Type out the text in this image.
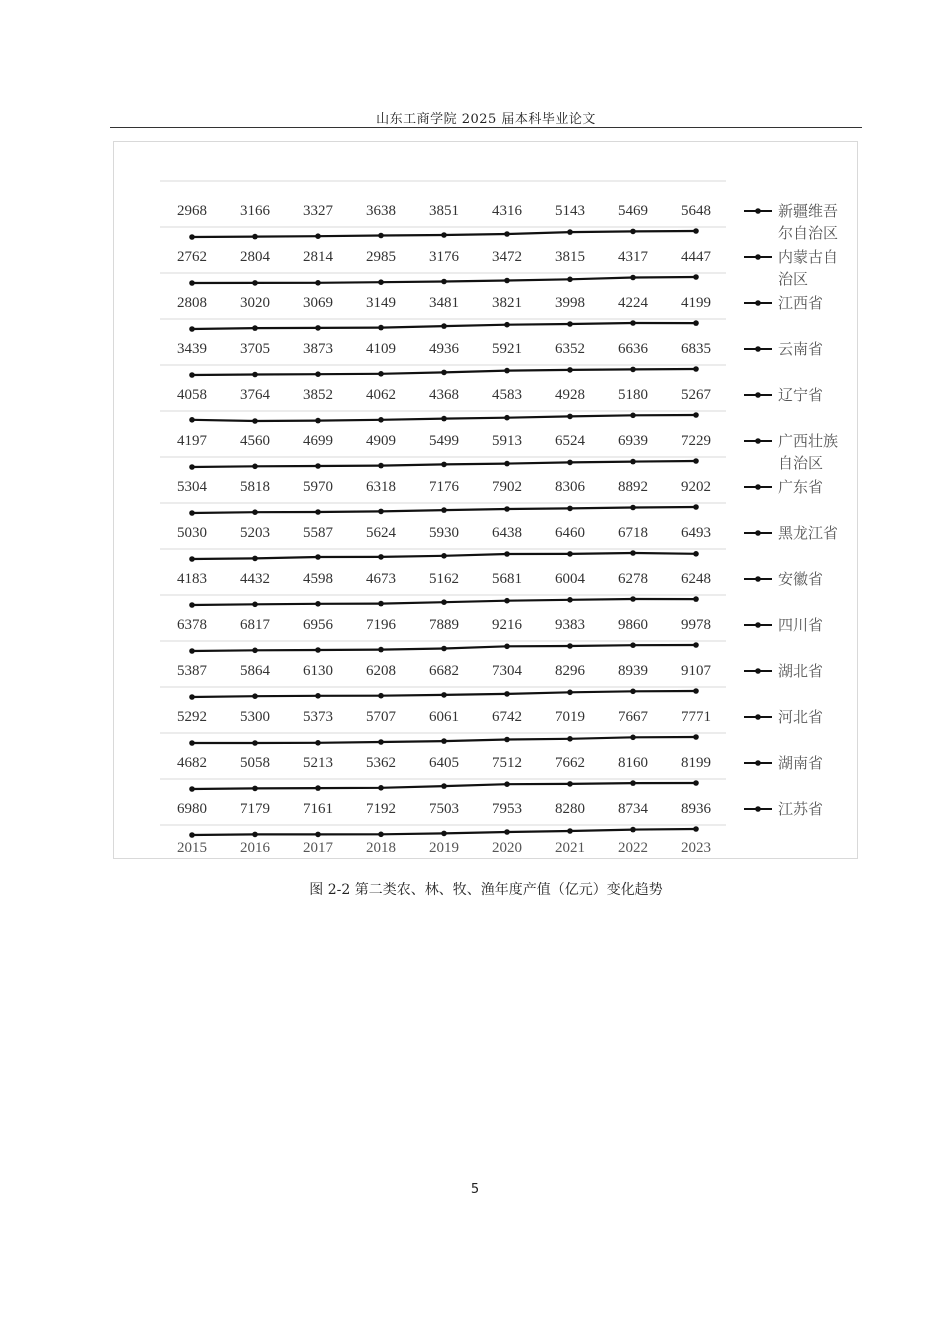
山东工商学院 2025 届本科毕业论文
2968 3166 3327 3638 3851 4316 5143 5469 5648	新疆维吾
尔自治区
2762 2804 2814 2985 3176 3472 3815 4317 4447	内蒙古自
治区
2808 3020 3069 3149 3481 3821 3998 4224 4199	江西省
3439 3705 3873 4109 4936 5921 6352 6636 6835	云南省
4058 3764 3852 4062 4368 4583 4928 5180 5267	辽宁省
4197 4560 4699 4909 5499 5913 6524 6939 7229	广西壮族
自治区
5304 5818 5970 6318 7176 7902 8306 8892 9202	广东省
5030 5203 5587 5624 5930 6438 6460 6718 6493	黑龙江省
4183 4432 4598 4673 5162 5681 6004 6278 6248	安徽省
6378 6817 6956 7196 7889 9216 9383 9860 9978	四川省
5387 5864 6130 6208 6682 7304 8296 8939 9107	湖北省
5292 5300 5373 5707 6061 6742 7019 7667 7771	河北省
4682 5058 5213 5362 6405 7512 7662 8160 8199	湖南省
6980 7179 7161 7192 7503 7953 8280 8734 8936	江苏省
2015 2016 2017 2018 2019 2020 2021 2022 2023
图 2-2 第二类农、林、牧、渔年度产值（亿元）变化趋势
5
